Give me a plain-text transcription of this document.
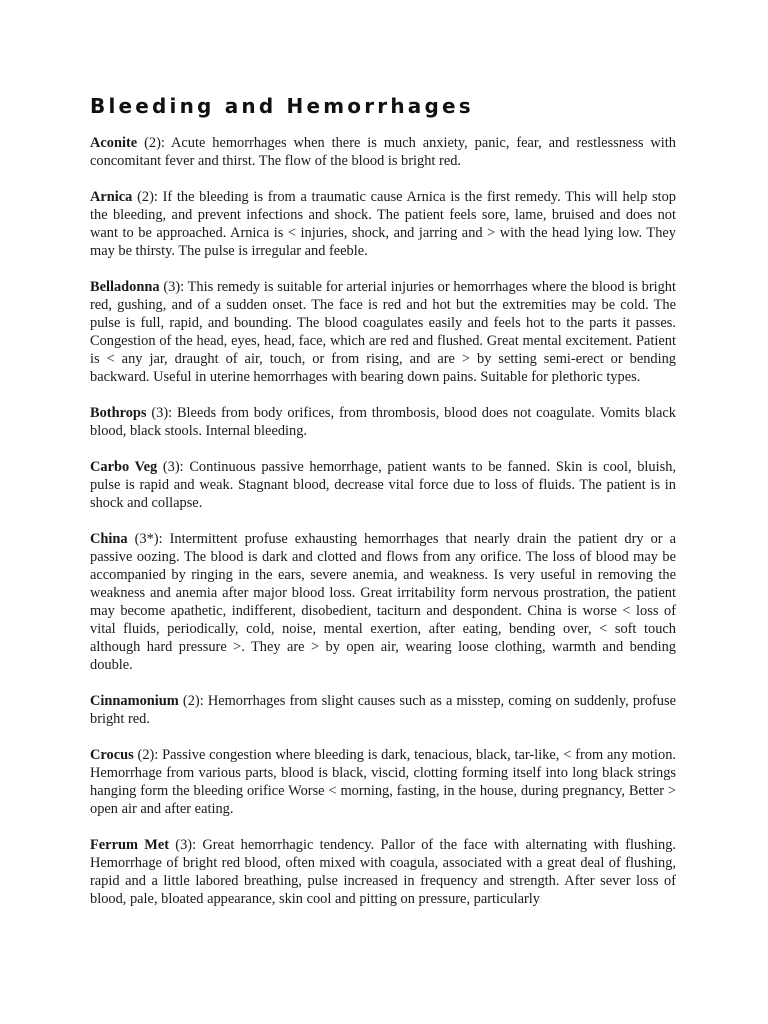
Bleeding and Hemorrhages

Aconite (2): Acute hemorrhages when there is much anxiety, panic, fear, and restlessness with concomitant fever and thirst. The flow of the blood is bright red.

Arnica (2): If the bleeding is from a traumatic cause Arnica is the first remedy. This will help stop the bleeding, and prevent infections and shock. The patient feels sore, lame, bruised and does not want to be approached. Arnica is < injuries, shock, and jarring and > with the head lying low. They may be thirsty. The pulse is irregular and feeble.

Belladonna (3): This remedy is suitable for arterial injuries or hemorrhages where the blood is bright red, gushing, and of a sudden onset. The face is red and hot but the extremities may be cold. The pulse is full, rapid, and bounding. The blood coagulates easily and feels hot to the parts it passes. Congestion of the head, eyes, head, face, which are red and flushed. Great mental excitement. Patient is < any jar, draught of air, touch, or from rising, and are > by setting semi-erect or bending backward. Useful in uterine hemorrhages with bearing down pains. Suitable for plethoric types.

Bothrops (3): Bleeds from body orifices, from thrombosis, blood does not coagulate. Vomits black blood, black stools. Internal bleeding.

Carbo Veg (3): Continuous passive hemorrhage, patient wants to be fanned. Skin is cool, bluish, pulse is rapid and weak. Stagnant blood, decrease vital force due to loss of fluids. The patient is in shock and collapse.

China (3*): Intermittent profuse exhausting hemorrhages that nearly drain the patient dry or a passive oozing. The blood is dark and clotted and flows from any orifice. The loss of blood may be accompanied by ringing in the ears, severe anemia, and weakness. Is very useful in removing the weakness and anemia after major blood loss. Great irritability form nervous prostration, the patient may become apathetic, indifferent, disobedient, taciturn and despondent. China is worse < loss of vital fluids, periodically, cold, noise, mental exertion, after eating, bending over, < soft touch although hard pressure >. They are > by open air, wearing loose clothing, warmth and bending double.

Cinnamonium (2): Hemorrhages from slight causes such as a misstep, coming on suddenly, profuse bright red.

Crocus (2): Passive congestion where bleeding is dark, tenacious, black, tar-like, < from any motion. Hemorrhage from various parts, blood is black, viscid, clotting forming itself into long black strings hanging form the bleeding orifice Worse < morning, fasting, in the house, during pregnancy, Better > open air and after eating.

Ferrum Met (3): Great hemorrhagic tendency. Pallor of the face with alternating with flushing. Hemorrhage of bright red blood, often mixed with coagula, associated with a great deal of flushing, rapid and a little labored breathing, pulse increased in frequency and strength. After sever loss of blood, pale, bloated appearance, skin cool and pitting on pressure, particularly
